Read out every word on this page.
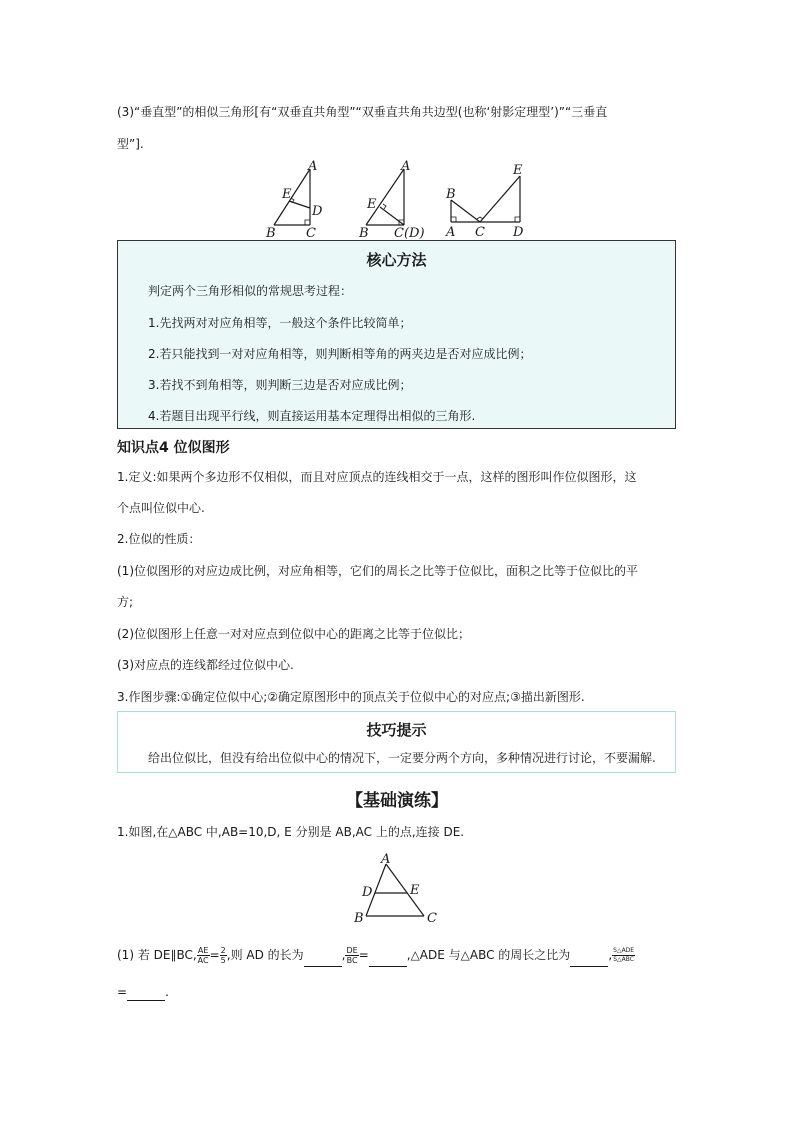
(3)“垂直型”的相似三角形[有“双垂直共角型”“双垂直共角共边型(也称‘射影定理型’)”“三垂直
型”].
A
E
D
B C
A
E
B C(D)
B
E
A C D
核心方法
判定两个三角形相似的常规思考过程：
1.先找两对对应角相等，一般这个条件比较简单；
2.若只能找到一对对应角相等，则判断相等角的两夹边是否对应成比例；
3.若找不到角相等，则判断三边是否对应成比例；
4.若题目出现平行线，则直接运用基本定理得出相似的三角形.
知识点4 位似图形
1.定义:如果两个多边形不仅相似，而且对应顶点的连线相交于一点，这样的图形叫作位似图形，这
个点叫位似中心.
2.位似的性质：
(1)位似图形的对应边成比例，对应角相等，它们的周长之比等于位似比，面积之比等于位似比的平
方;
(2)位似图形上任意一对对应点到位似中心的距离之比等于位似比；
(3)对应点的连线都经过位似中心.
3.作图步骤:①确定位似中心;②确定原图形中的顶点关于位似中心的对应点;③描出新图形.
技巧提示
给出位似比，但没有给出位似中心的情况下，一定要分两个方向，多种情况进行讨论，不要漏解.
【基础演练】
1.如图,在△ABC 中,AB=10,D, E 分别是 AB,AC 上的点,连接 DE.
A
D	E
B	C
(1) 若 DE∥BC, $\frac{AE}{AC} = \frac{2}{5}$ ,则 AD 的长为	, $\frac{DE}{BC}$ =	,△ADE 与△ABC 的周长之比为	, $\frac{\text{S△ADE}}{\text{S△ABC}}$
=	.
